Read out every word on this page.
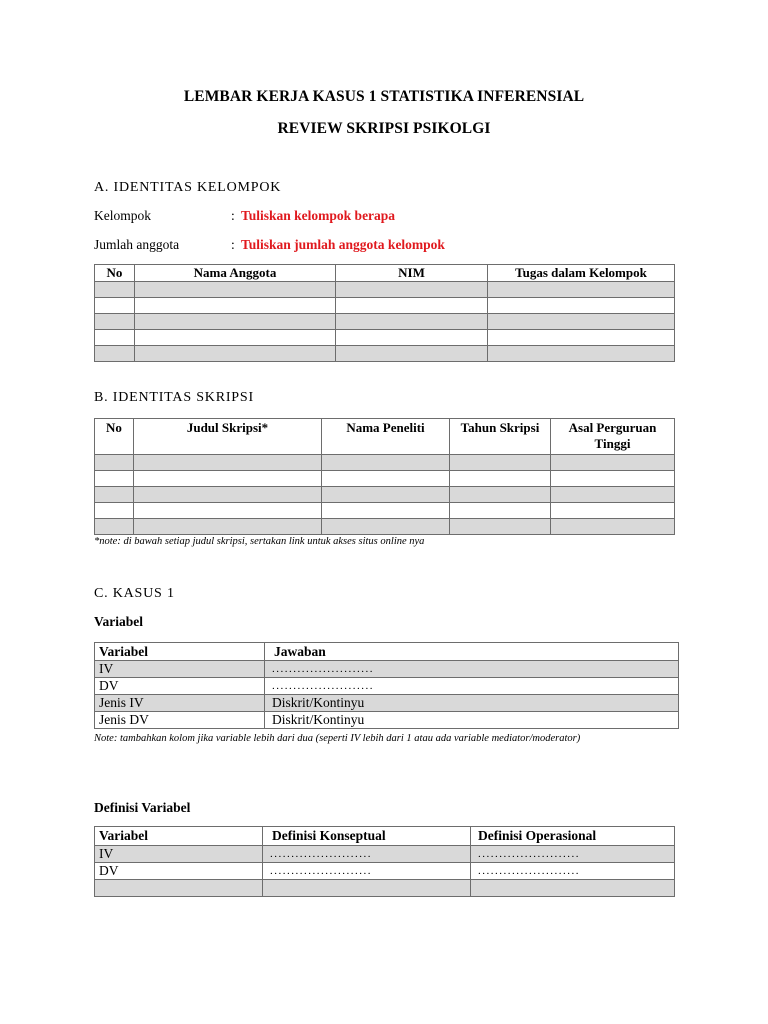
LEMBAR KERJA KASUS 1 STATISTIKA INFERENSIAL
REVIEW SKRIPSI PSIKOLGI
A. IDENTITAS KELOMPOK
Kelompok	: Tuliskan kelompok berapa
Jumlah anggota	: Tuliskan jumlah anggota kelompok
No	Nama Anggota	NIM	Tugas dalam Kelompok

B. IDENTITAS SKRIPSI
No	Judul Skripsi*	Nama Peneliti	Tahun Skripsi	Asal Perguruan Tinggi

*note: di bawah setiap judul skripsi, sertakan link untuk akses situs online nya
C. KASUS 1
Variabel
Variabel	Jawaban
IV	........................
DV	........................
Jenis IV	Diskrit/Kontinyu
Jenis DV	Diskrit/Kontinyu
Note: tambahkan kolom jika variable lebih dari dua (seperti IV lebih dari 1 atau ada variable mediator/moderator)
Definisi Variabel
Variabel	Definisi Konseptual	Definisi Operasional
IV	........................	........................
DV	........................	........................
